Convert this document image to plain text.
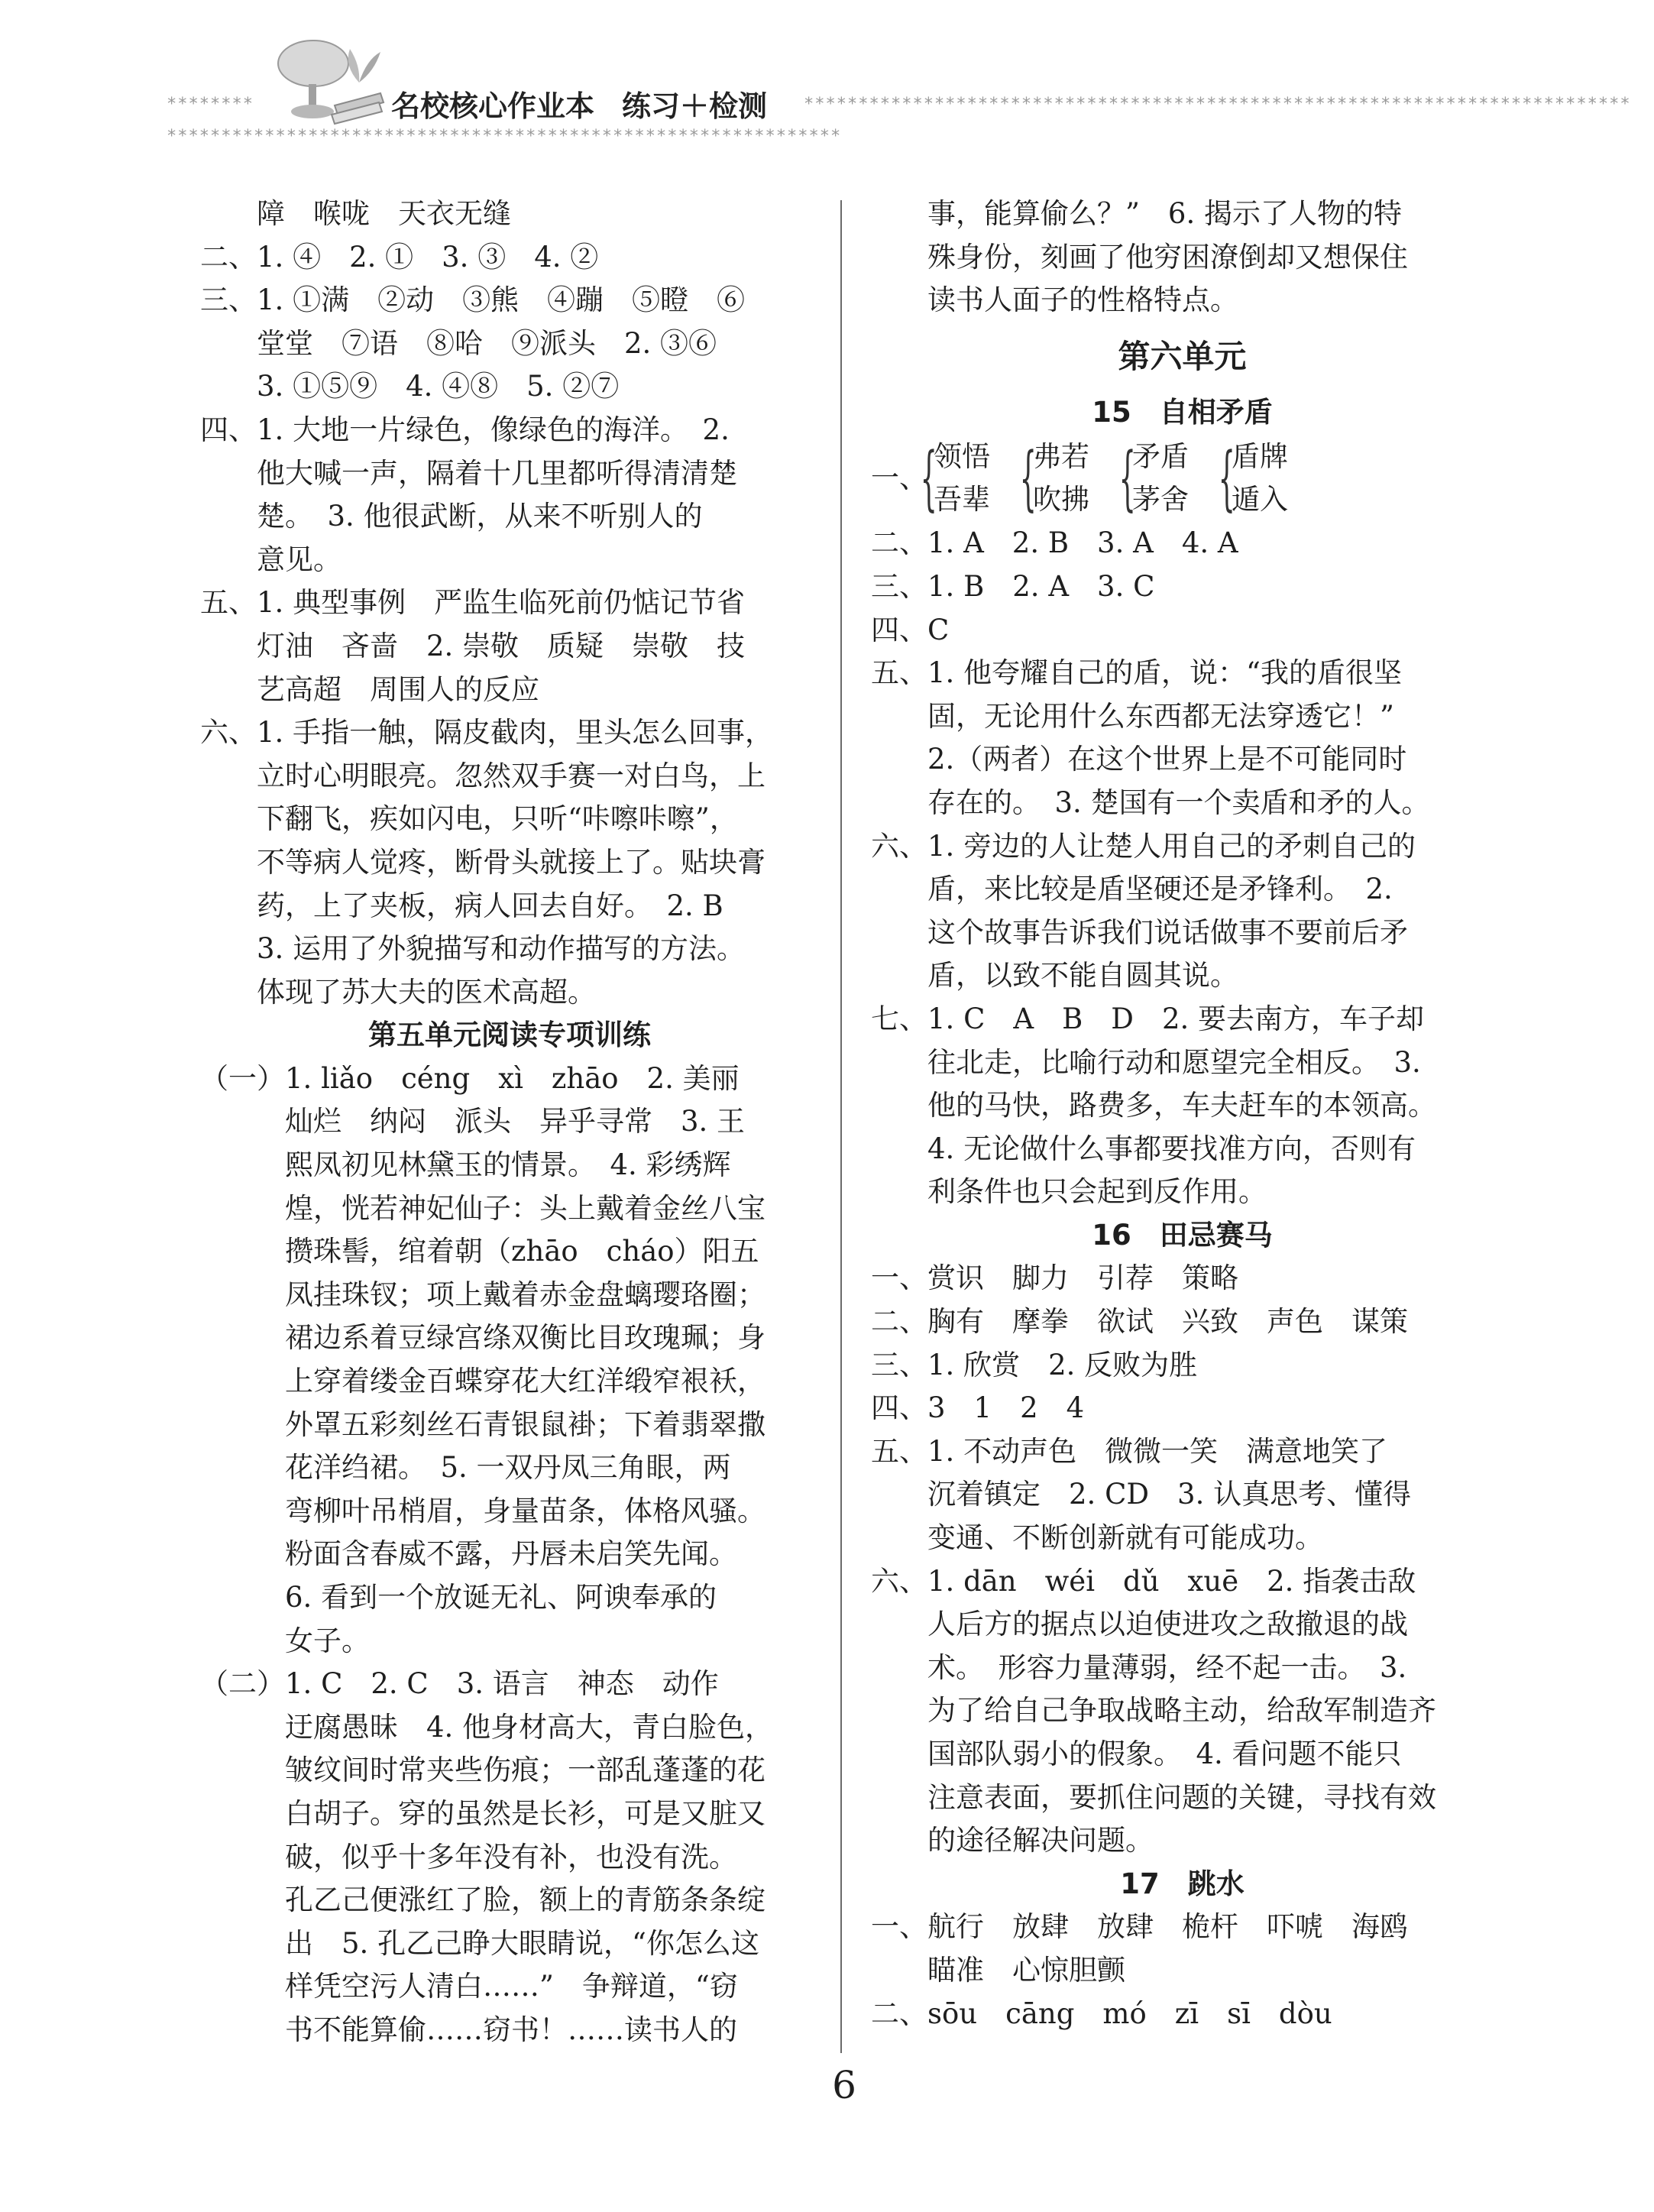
********	名校核心作业本 练习＋检测	****************************************************************************
**************************************************************
　　障　喉咙　天衣无缝
二、1. ④　2. ①　3. ③　4. ②
三、1. ①满　②动　③熊　④蹦　⑤瞪　⑥
　　堂堂　⑦语　⑧哈　⑨派头　2. ③⑥
　　3. ①⑤⑨　4. ④⑧　5. ②⑦
四、1. 大地一片绿色，像绿色的海洋。　2.
　　他大喊一声，隔着十几里都听得清清楚
　　楚。　3. 他很武断，从来不听别人的
　　意见。
五、1. 典型事例　严监生临死前仍惦记节省
　　灯油　吝啬　2. 崇敬　质疑　崇敬　技
　　艺高超　周围人的反应
六、1. 手指一触，隔皮截肉，里头怎么回事，
　　立时心明眼亮。忽然双手赛一对白鸟，上
　　下翻飞，疾如闪电，只听“咔嚓咔嚓”，
　　不等病人觉疼，断骨头就接上了。贴块膏
　　药，上了夹板，病人回去自好。　2. B
　　3. 运用了外貌描写和动作描写的方法。
　　体现了苏大夫的医术高超。
第五单元阅读专项训练
（一）1. liǎo　céng　xì　zhāo　2. 美丽
　　　灿烂　纳闷　派头　异乎寻常　3. 王
　　　熙凤初见林黛玉的情景。　4. 彩绣辉
　　　煌，恍若神妃仙子：头上戴着金丝八宝
　　　攒珠髻，绾着朝（zhāo　cháo）阳五
　　　凤挂珠钗；项上戴着赤金盘螭璎珞圈；
　　　裙边系着豆绿宫绦双衡比目玫瑰珮；身
　　　上穿着缕金百蝶穿花大红洋缎窄裉袄，
　　　外罩五彩刻丝石青银鼠褂；下着翡翠撒
　　　花洋绉裙。　5. 一双丹凤三角眼，两
　　　弯柳叶吊梢眉，身量苗条，体格风骚。
　　　粉面含春威不露，丹唇未启笑先闻。
　　　6. 看到一个放诞无礼、阿谀奉承的
　　　女子。
（二）1. C　2. C　3. 语言　神态　动作
　　　迂腐愚昧　4. 他身材高大，青白脸色，
　　　皱纹间时常夹些伤痕；一部乱蓬蓬的花
　　　白胡子。穿的虽然是长衫，可是又脏又
　　　破，似乎十多年没有补，也没有洗。
　　　孔乙己便涨红了脸，额上的青筋条条绽
　　　出　5. 孔乙己睁大眼睛说，“你怎么这
　　　样凭空污人清白……”　争辩道，“窃
　　　书不能算偷……窃书！……读书人的
　　事，能算偷么？”　6. 揭示了人物的特
　　殊身份，刻画了他穷困潦倒却又想保住
　　读书人面子的性格特点。
第六单元
15　自相矛盾
一、
{
领悟
吾辈 {
弗若
吹拂 {
矛盾
茅舍 {
盾牌
遁入
二、1. A　2. B　3. A　4. A
三、1. B　2. A　3. C
四、C
五、1. 他夸耀自己的盾，说：“我的盾很坚
　　固，无论用什么东西都无法穿透它！”
　　2.（两者）在这个世界上是不可能同时
　　存在的。　3. 楚国有一个卖盾和矛的人。
六、1. 旁边的人让楚人用自己的矛刺自己的
　　盾，来比较是盾坚硬还是矛锋利。　2.
　　这个故事告诉我们说话做事不要前后矛
　　盾，以致不能自圆其说。
七、1. C　A　B　D　2. 要去南方，车子却
　　往北走，比喻行动和愿望完全相反。　3.
　　他的马快，路费多，车夫赶车的本领高。
　　4. 无论做什么事都要找准方向，否则有
　　利条件也只会起到反作用。
16　田忌赛马
一、赏识　脚力　引荐　策略
二、胸有　摩拳　欲试　兴致　声色　谋策
三、1. 欣赏　2. 反败为胜
四、3　1　2　4
五、1. 不动声色　微微一笑　满意地笑了
　　沉着镇定　2. CD　3. 认真思考、懂得
　　变通、不断创新就有可能成功。
六、1. dān　wéi　dǔ　xuē　2. 指袭击敌
　　人后方的据点以迫使进攻之敌撤退的战
　　术。　形容力量薄弱，经不起一击。　3.
　　为了给自己争取战略主动，给敌军制造齐
　　国部队弱小的假象。　4. 看问题不能只
　　注意表面，要抓住问题的关键，寻找有效
　　的途径解决问题。
17　跳水
一、航行　放肆　放肆　桅杆　吓唬　海鸥
　　瞄准　心惊胆颤
二、sōu　cāng　mó　zī　sī　dòu
6
